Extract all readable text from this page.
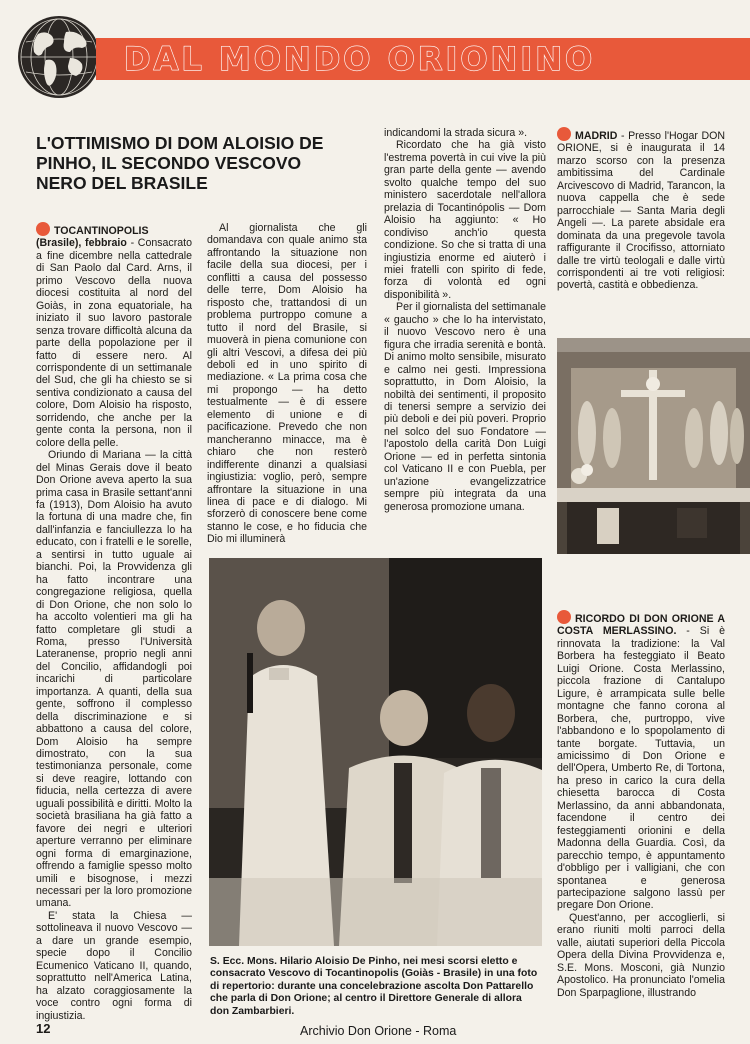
DAL MONDO ORIONINO
L'OTTIMISMO DI DOM ALOISIO DE PINHO, IL SECONDO VESCOVO NERO DEL BRASILE

TOCANTINOPOLIS (Brasile), febbraio - Consacrato a fine dicembre nella cattedrale di San Paolo dal Card. Arns, il primo Vescovo della nuova diocesi costituita al nord del Goiàs, in zona equatoriale, ha iniziato il suo lavoro pastorale senza trovare difficoltà alcuna da parte della popolazione per il fatto di essere nero. Al corrispondente di un settimanale del Sud, che gli ha chiesto se si sentiva condizionato a causa del colore, Dom Aloisio ha risposto, sorridendo, che anche per la gente conta la persona, non il colore della pelle.

Oriundo di Mariana — la città del Minas Gerais dove il beato Don Orione aveva aperto la sua prima casa in Brasile settant'anni fa (1913), Dom Aloisio ha avuto la fortuna di una madre che, fin dall'infanzia e fanciullezza lo ha educato, con i fratelli e le sorelle, a sentirsi in tutto uguale ai bianchi. Poi, la Provvidenza gli ha fatto incontrare una congregazione religiosa, quella di Don Orione, che non solo lo ha accolto volentieri ma gli ha fatto completare gli studi a Roma, presso l'Università Lateranense, proprio negli anni del Concilio, affidandogli poi incarichi di particolare importanza. A quanti, della sua gente, soffrono il complesso della discriminazione e si abbattono a causa del colore, Dom Aloisio ha sempre dimostrato, con la sua testimonianza personale, come si deve reagire, lottando con fiducia, nella certezza di avere uguali possibilità e diritti. Molto la società brasiliana ha già fatto a favore dei negri e ulteriori aperture verranno per eliminare ogni forma di emarginazione, offrendo a famiglie spesso molto umili e bisognose, i mezzi necessari per la loro promozione umana.

E' stata la Chiesa — sottolineava il nuovo Vescovo — a dare un grande esempio, specie dopo il Concilio Ecumenico Vaticano II, quando, soprattutto nell'America Latina, ha alzato coraggiosamente la voce contro ogni forma di ingiustizia.

Al giornalista che gli domandava con quale animo sta affrontando la situazione non facile della sua diocesi, per i conflitti a causa del possesso delle terre, Dom Aloisio ha risposto che, trattandosi di un problema purtroppo comune a tutto il nord del Brasile, si muoverà in piena comunione con gli altri Vescovi, a difesa dei più deboli ed in uno spirito di mediazione. « La prima cosa che mi propongo — ha detto testualmente — è di essere elemento di unione e di pacificazione. Prevedo che non mancheranno minacce, ma è chiaro che non resterò indifferente dinanzi a qualsiasi ingiustizia: voglio, però, sempre affrontare la situazione in una linea di pace e di dialogo. Mi sforzerò di conoscere bene come stanno le cose, e ho fiducia che Dio mi illuminerà

indicandomi la strada sicura ».

Ricordato che ha già visto l'estrema povertà in cui vive la più gran parte della gente — avendo svolto qualche tempo del suo ministero sacerdotale nell'allora prelazia di Tocantinópolis — Dom Aloisio ha aggiunto: « Ho condiviso anch'io questa condizione. So che si tratta di una ingiustizia enorme ed aiuterò i miei fratelli con spirito di fede, forza di volontà ed ogni disponibilità ».

Per il giornalista del settimanale « gaucho » che lo ha intervistato, il nuovo Vescovo nero è una figura che irradia serenità e bontà. Di animo molto sensibile, misurato e calmo nei gesti. Impressiona soprattutto, in Dom Aloisio, la nobiltà dei sentimenti, il proposito di tenersi sempre a servizio dei più deboli e dei più poveri. Proprio nel solco del suo Fondatore — l'apostolo della carità Don Luigi Orione — ed in perfetta sintonia col Vaticano II e con Puebla, per un'azione evangelizzatrice sempre più integrata da una generosa promozione umana.

MADRID - Presso l'Hogar DON ORIONE, si è inaugurata il 14 marzo scorso con la presenza ambitissima del Cardinale Arcivescovo di Madrid, Tarancon, la nuova cappella che è sede parrocchiale — Santa Maria degli Angeli —. La parete absidale era dominata da una pregevole tavola raffigurante il Crocifisso, attorniato dalle tre virtù teologali e dalle virtù corrispondenti ai tre voti religiosi: povertà, castità e obbedienza.

RICORDO DI DON ORIONE A COSTA MERLASSINO. - Si è rinnovata la tradizione: la Val Borbera ha festeggiato il Beato Luigi Orione. Costa Merlassino, piccola frazione di Cantalupo Ligure, è arrampicata sulle belle montagne che fanno corona al Borbera, che, purtroppo, vive l'abbandono e lo spopolamento di tante borgate. Tuttavia, un amicissimo di Don Orione e dell'Opera, Umberto Re, di Tortona, ha preso in carico la cura della chiesetta barocca di Costa Merlassino, da anni abbandonata, facendone il centro dei festeggiamenti orionini e della Madonna della Guardia. Così, da parecchio tempo, è appuntamento d'obbligo per i valligiani, che con spontanea e generosa partecipazione salgono lassù per pregare Don Orione.

Quest'anno, per accoglierli, si erano riuniti molti parroci della valle, aiutati superiori della Piccola Opera della Divina Provvidenza e, S.E. Mons. Mosconi, già Nunzio Apostolico. Ha pronunciato l'omelia Don Sparpaglione, illustrando

S. Ecc. Mons. Hilario Aloisio De Pinho, nei mesi scorsi eletto e consacrato Vescovo di Tocantinopolis (Goiàs - Brasile) in una foto di repertorio: durante una concelebrazione ascolta Don Pattarello che parla di Don Orione; al centro il Direttore Generale di allora don Zambarbieri.

12	Archivio Don Orione - Roma
